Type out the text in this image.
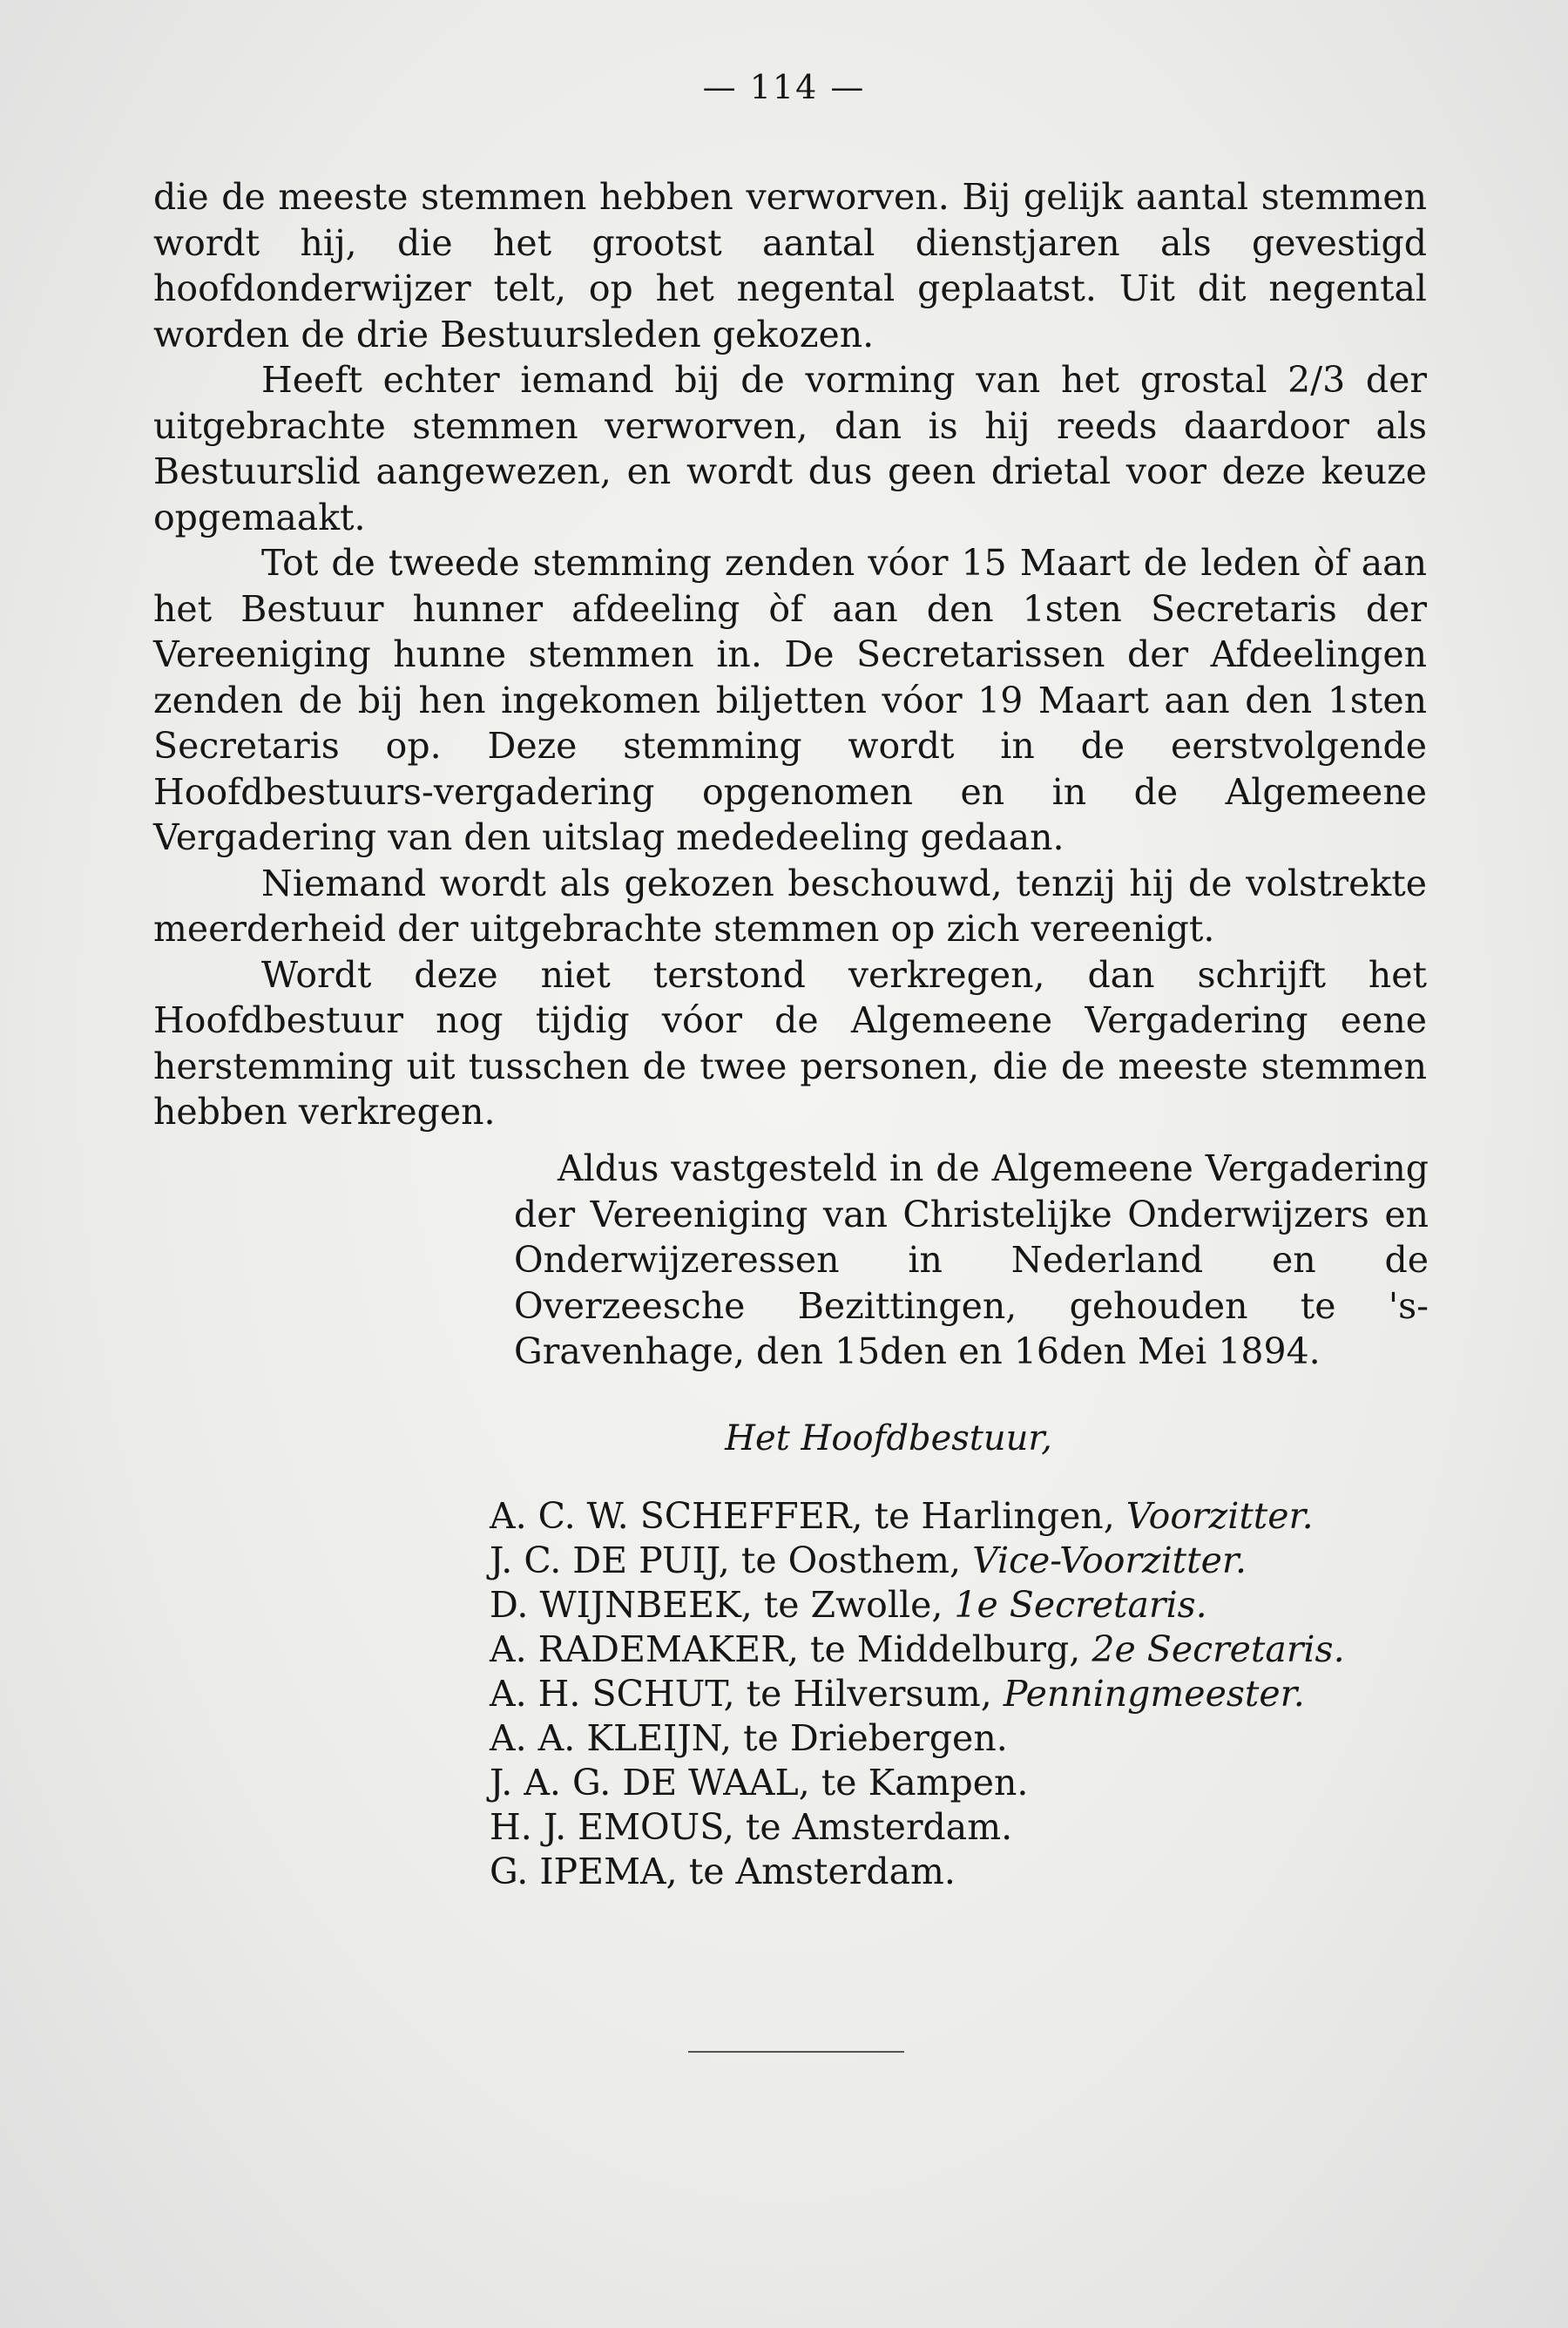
— 114 —

die de meeste stemmen hebben verworven. Bij gelijk aantal stemmen wordt hij, die het grootst aantal dienstjaren als gevestigd hoofdonderwijzer telt, op het negental geplaatst. Uit dit negental worden de drie Bestuursleden gekozen.

Heeft echter iemand bij de vorming van het grostal 2/3 der uitgebrachte stemmen verworven, dan is hij reeds daardoor als Bestuurslid aangewezen, en wordt dus geen drietal voor deze keuze opgemaakt.

Tot de tweede stemming zenden vóor 15 Maart de leden òf aan het Bestuur hunner afdeeling òf aan den 1sten Secretaris der Vereeniging hunne stemmen in. De Secretarissen der Afdeelingen zenden de bij hen ingekomen biljetten vóor 19 Maart aan den 1sten Secretaris op. Deze stemming wordt in de eerstvolgende Hoofdbestuurs-vergadering opgenomen en in de Algemeene Vergadering van den uitslag mededeeling gedaan.

Niemand wordt als gekozen beschouwd, tenzij hij de volstrekte meerderheid der uitgebrachte stemmen op zich vereenigt.

Wordt deze niet terstond verkregen, dan schrijft het Hoofdbestuur nog tijdig vóor de Algemeene Vergadering eene herstemming uit tusschen de twee personen, die de meeste stemmen hebben verkregen.

Aldus vastgesteld in de Algemeene Vergadering der Vereeniging van Christelijke Onderwijzers en Onderwijzeressen in Nederland en de Overzeesche Bezittingen, gehouden te 's-Gravenhage, den 15den en 16den Mei 1894.

Het Hoofdbestuur,
A. C. W. SCHEFFER, te Harlingen, Voorzitter.
J. C. DE PUIJ, te Oosthem, Vice-Voorzitter.
D. WIJNBEEK, te Zwolle, 1e Secretaris.
A. RADEMAKER, te Middelburg, 2e Secretaris.
A. H. SCHUT, te Hilversum, Penningmeester.
A. A. KLEIJN, te Driebergen.
J. A. G. DE WAAL, te Kampen.
H. J. EMOUS, te Amsterdam.
G. IPEMA, te Amsterdam.
